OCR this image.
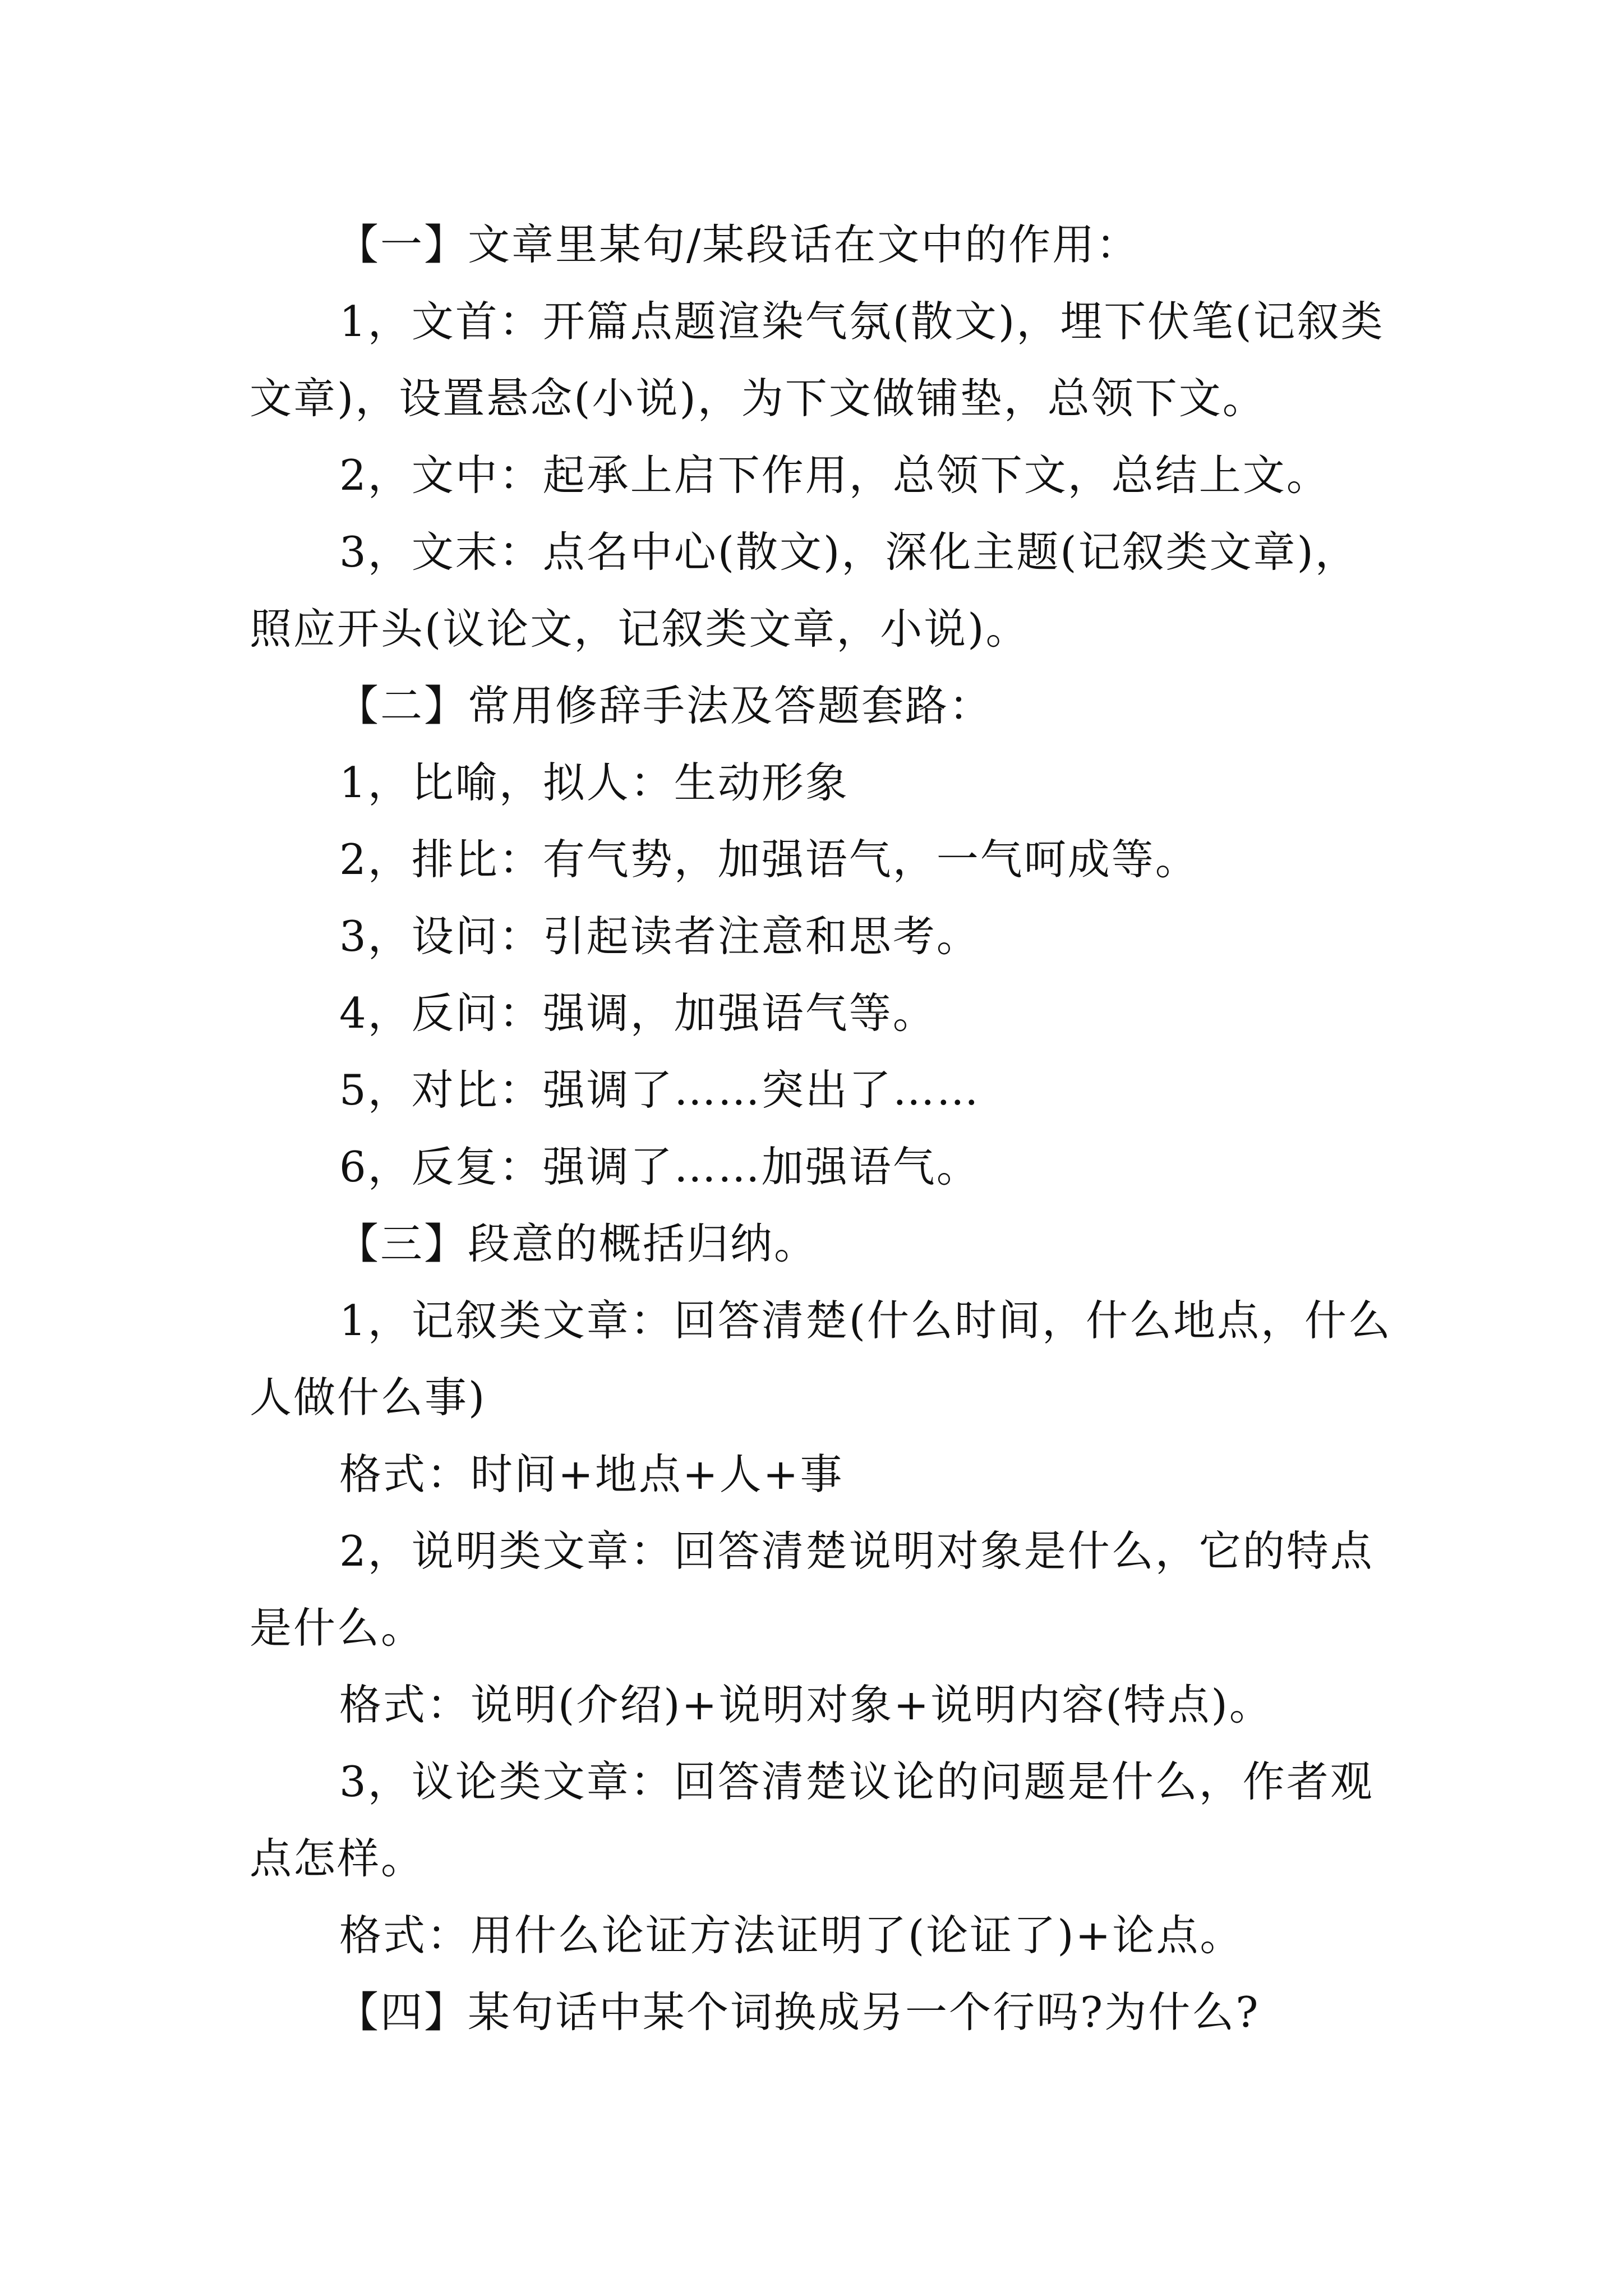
【一】文章里某句/某段话在文中的作用：
1，文首：开篇点题渲染气氛(散文)，埋下伏笔(记叙类
文章)，设置悬念(小说)，为下文做铺垫，总领下文。
2，文中：起承上启下作用，总领下文，总结上文。
3，文末：点名中心(散文)，深化主题(记叙类文章)，
照应开头(议论文，记叙类文章，小说)。
【二】常用修辞手法及答题套路：
1，比喻，拟人：生动形象
2，排比：有气势，加强语气，一气呵成等。
3，设问：引起读者注意和思考。
4，反问：强调，加强语气等。
5，对比：强调了……突出了……
6，反复：强调了……加强语气。
【三】段意的概括归纳。
1，记叙类文章：回答清楚(什么时间，什么地点，什么
人做什么事)
格式：时间+地点+人+事
2，说明类文章：回答清楚说明对象是什么，它的特点
是什么。
格式：说明(介绍)+说明对象+说明内容(特点)。
3，议论类文章：回答清楚议论的问题是什么，作者观
点怎样。
格式：用什么论证方法证明了(论证了)+论点。
【四】某句话中某个词换成另一个行吗?为什么?
